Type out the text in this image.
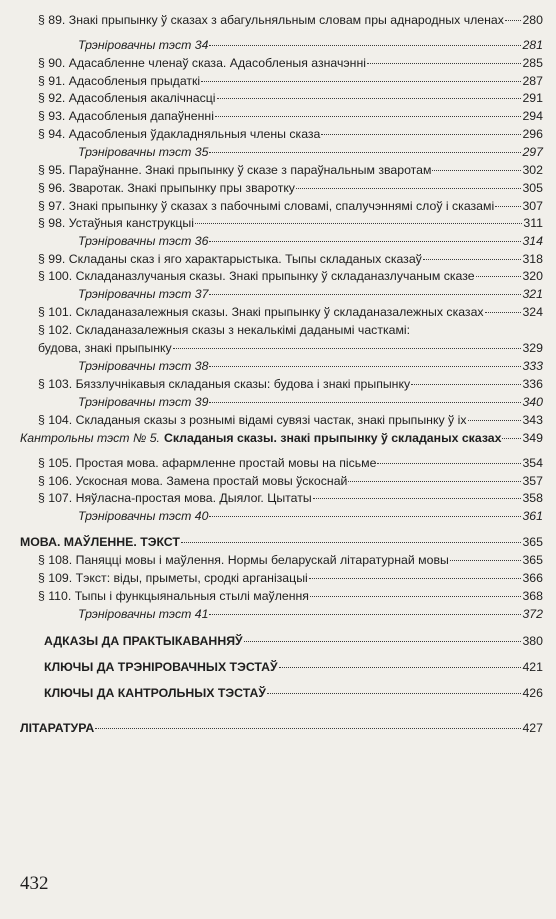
§ 89. Знакі прыпынку ў сказах з абагульняльным словам пры аднародных членах 280
Трэніровачны тэст 34	281
§ 90. Адасабленне членаў сказа. Адасобленыя азначэнні	285
§ 91. Адасобленыя прыдаткі	287
§ 92. Адасобленыя акалічнасці	291
§ 93. Адасобленыя дапаўненні	294
§ 94. Адасобленыя ўдакладняльныя члены сказа	296
Трэніровачны тэст 35	297
§ 95. Параўнанне. Знакі прыпынку ў сказе з параўнальным зваротам	302
§ 96. Зваротак. Знакі прыпынку пры звароткy	305
§ 97. Знакі прыпынку ў сказах з пабочнымі словамі, спалучэннямі слоў і сказамі 307
§ 98. Устаўныя канструкцыі	311
Трэніровачны тэст 36	314
§ 99. Складаны сказ і яго характарыстыка. Тыпы складаных сказаў	318
§ 100. Складаназлучаныя сказы. Знакі прыпынку ў складаназлучаным сказе	320
Трэніровачны тэст 37	321
§ 101. Складаназалежныя сказы. Знакі прыпынку ў складаназалежных сказах	324
§ 102. Складаназалежныя сказы з некалькімі даданымі часткамі:
будова, знакі прыпынку	329
Трэніровачны тэст 38	333
§ 103. Бяззлучнікавыя складаныя сказы: будова і знакі прыпынку	336
Трэніровачны тэст 39	340
§ 104. Складаныя сказы з рознымі відамі сувязі частак, знакі прыпынку ў іх	343
Кантрольны тэст № 5. Складаныя сказы. знакі прыпынку ў складаных сказах 349
§ 105. Простая мова. афармленне простай мовы на пісьме	354
§ 106. Ускосная мова. Замена простай мовы ўскоснай	357
§ 107. Няўласна-простая мова. Дыялог. Цытаты	358
Трэніровачны тэст 40	361
МОВА. МАЎЛЕННЕ. ТЭКСТ	365
§ 108. Паняцці мовы і маўлення. Нормы беларускай літаратурнай мовы	365
§ 109. Тэкст: віды, прыметы, сродкі арганізацыі	366
§ 110. Тыпы і функцыянальныя стылі маўлення	368
Трэніровачны тэст 41	372
АДКАЗЫ ДА ПРАКТЫКАВАННЯЎ	380
КЛЮЧЫ ДА ТРЭНІРОВАЧНЫХ ТЭСТАЎ	421
КЛЮЧЫ ДА КАНТРОЛЬНЫХ ТЭСТАЎ	426
ЛІТАРАТУРА	427
432
